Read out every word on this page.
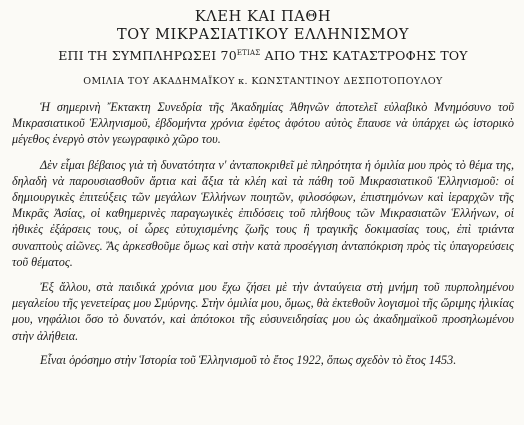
ΚΛΕΗ ΚΑΙ ΠΑΘΗ
ΤΟΥ ΜΙΚΡΑΣΙΑΤΙΚΟΥ ΕΛΛΗΝΙΣΜΟΥ
ΕΠΙ ΤΗ ΣΥΜΠΛΗΡΩΣΕΙ $70^{ETIA\Sigma}$ ΑΠΟ ΤΗΣ ΚΑΤΑΣΤΡΟΦΗΣ ΤΟΥ
ΟΜΙΛΙΑ ΤΟΥ ΑΚΑΔΗΜΑΪΚΟΥ κ. ΚΩΝΣΤΑΝΤΙΝΟΥ ΔΕΣΠΟΤΟΠΟΥΛΟΥ

Ἡ σημερινὴ Ἔκτακτη Συνεδρία τῆς Ἀκαδημίας Ἀθηνῶν ἀποτελεῖ εὐλαβικὸ Μνημόσυνο τοῦ Μικρασιατικοῦ Ἑλληνισμοῦ, ἑβδομήντα χρόνια ἐφέτος ἀφότου αὐτὸς ἔπαυσε νὰ ὑπάρχει ὡς ἱστορικὸ μέγεθος ἐνεργὸ στὸν γεωγραφικὸ χῶρο του.

Δὲν εἶμαι βέβαιος γιὰ τὴ δυνατότητα ν' ἀνταποκριθεῖ μὲ πληρότητα ἡ ὁμιλία μου πρὸς τὸ θέμα της, δηλαδὴ νὰ παρουσιασθοῦν ἄρτια καὶ ἄξια τὰ κλέη καὶ τὰ πάθη τοῦ Μικρασιατικοῦ Ἑλληνισμοῦ: οἱ δημιουργικὲς ἐπιτεύξεις τῶν μεγάλων Ἑλλήνων ποιητῶν, φιλοσόφων, ἐπιστημόνων καὶ ἱεραρχῶν τῆς Μικρᾶς Ἀσίας, οἱ καθημερινὲς παραγωγικὲς ἐπιδόσεις τοῦ πλήθους τῶν Μικρασιατῶν Ἑλλήνων, οἱ ἠθικὲς ἐξάρσεις τους, οἱ ὧρες εὐτυχισμένης ζωῆς τους ἢ τραγικῆς δοκιμασίας τους, ἐπὶ τριάντα συναπτοὺς αἰῶνες. Ἂς ἀρκεσθοῦμε ὅμως καὶ στὴν κατὰ προσέγγιση ἀνταπόκριση πρὸς τὶς ὑπαγορεύσεις τοῦ θέματος.

Ἐξ ἄλλου, στὰ παιδικά χρόνια μου ἔχω ζήσει μὲ τὴν ἀνταύγεια στὴ μνήμη τοῦ πυρπολημένου μεγαλείου τῆς γενετείρας μου Σμύρνης. Στὴν ὁμιλία μου, ὅμως, θὰ ἐκτεθοῦν λογισμοὶ τῆς ὥριμης ἡλικίας μου, νηφάλιοι ὅσο τὸ δυνατόν, καὶ ἀπότοκοι τῆς εὐσυνειδησίας μου ὡς ἀκαδημαϊκοῦ προσηλωμένου στὴν ἀλήθεια.

Εἶναι ὁρόσημο στὴν Ἱστορία τοῦ Ἑλληνισμοῦ τὸ ἔτος 1922, ὅπως σχεδὸν τὸ ἔτος 1453.
